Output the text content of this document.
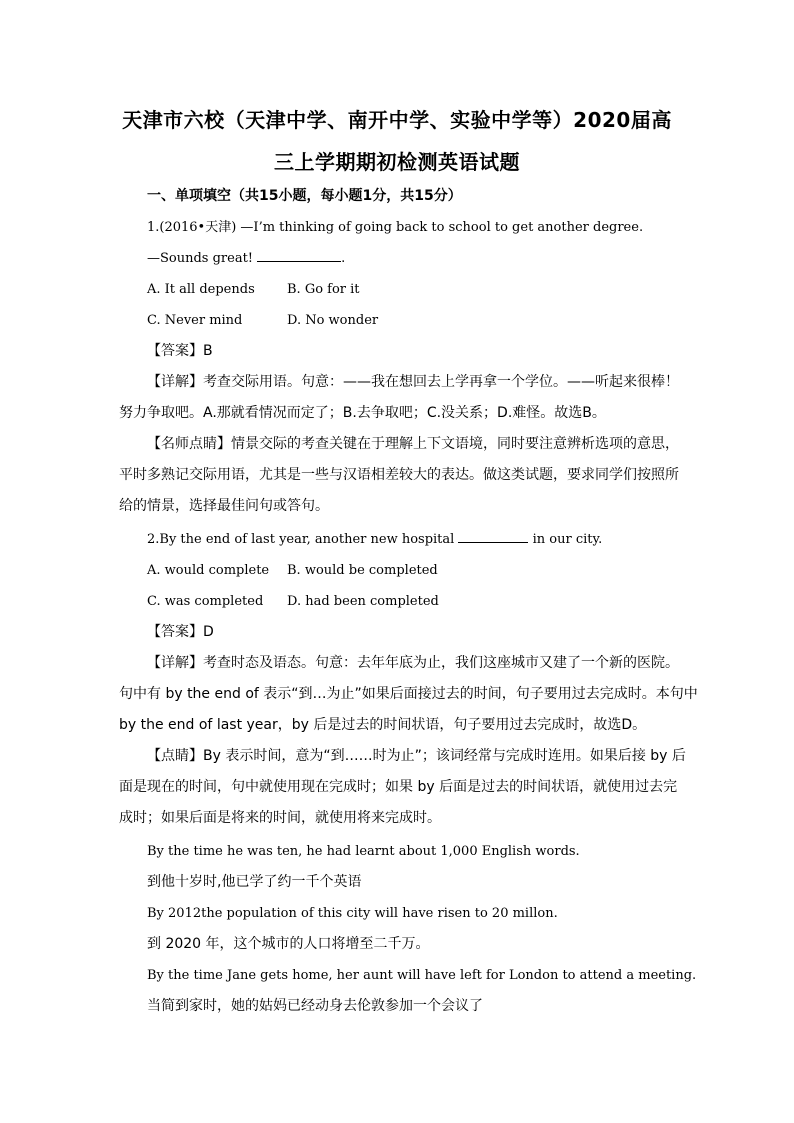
天津市六校（天津中学、南开中学、实验中学等）2020届高
三上学期期初检测英语试题
一、单项填空（共15小题，每小题1分，共15分）
1.(2016•天津) —I’m thinking of going back to school to get another degree.
—Sounds great!	.
A. It all depends B. Go for it
C. Never mind	D. No wonder
【答案】B
【详解】考查交际用语。句意：——我在想回去上学再拿一个学位。——听起来很棒！
努力争取吧。A.那就看情况而定了；B.去争取吧；C.没关系；D.难怪。故选B。
【名师点睛】情景交际的考查关键在于理解上下文语境，同时要注意辨析选项的意思，
平时多熟记交际用语，尤其是一些与汉语相差较大的表达。做这类试题，要求同学们按照所
给的情景，选择最佳问句或答句。
2.By the end of last year, another new hospital	in our city.
A. would complete B. would be completed
C. was completed D. had been completed
【答案】D
【详解】考查时态及语态。句意：去年年底为止，我们这座城市又建了一个新的医院。
句中有 by the end of 表示“到…为止”如果后面接过去的时间，句子要用过去完成时。本句中
by the end of last year，by 后是过去的时间状语，句子要用过去完成时，故选D。
【点睛】By 表示时间，意为“到……时为止”；该词经常与完成时连用。如果后接 by 后
面是现在的时间，句中就使用现在完成时；如果 by 后面是过去的时间状语，就使用过去完
成时；如果后面是将来的时间，就使用将来完成时。
By the time he was ten, he had learnt about 1,000 English words.
到他十岁时,他已学了约一千个英语
By 2012the population of this city will have risen to 20 millon.
到 2020 年，这个城市的人口将增至二千万。
By the time Jane gets home, her aunt will have left for London to attend a meeting.
当简到家时，她的姑妈已经动身去伦敦参加一个会议了
